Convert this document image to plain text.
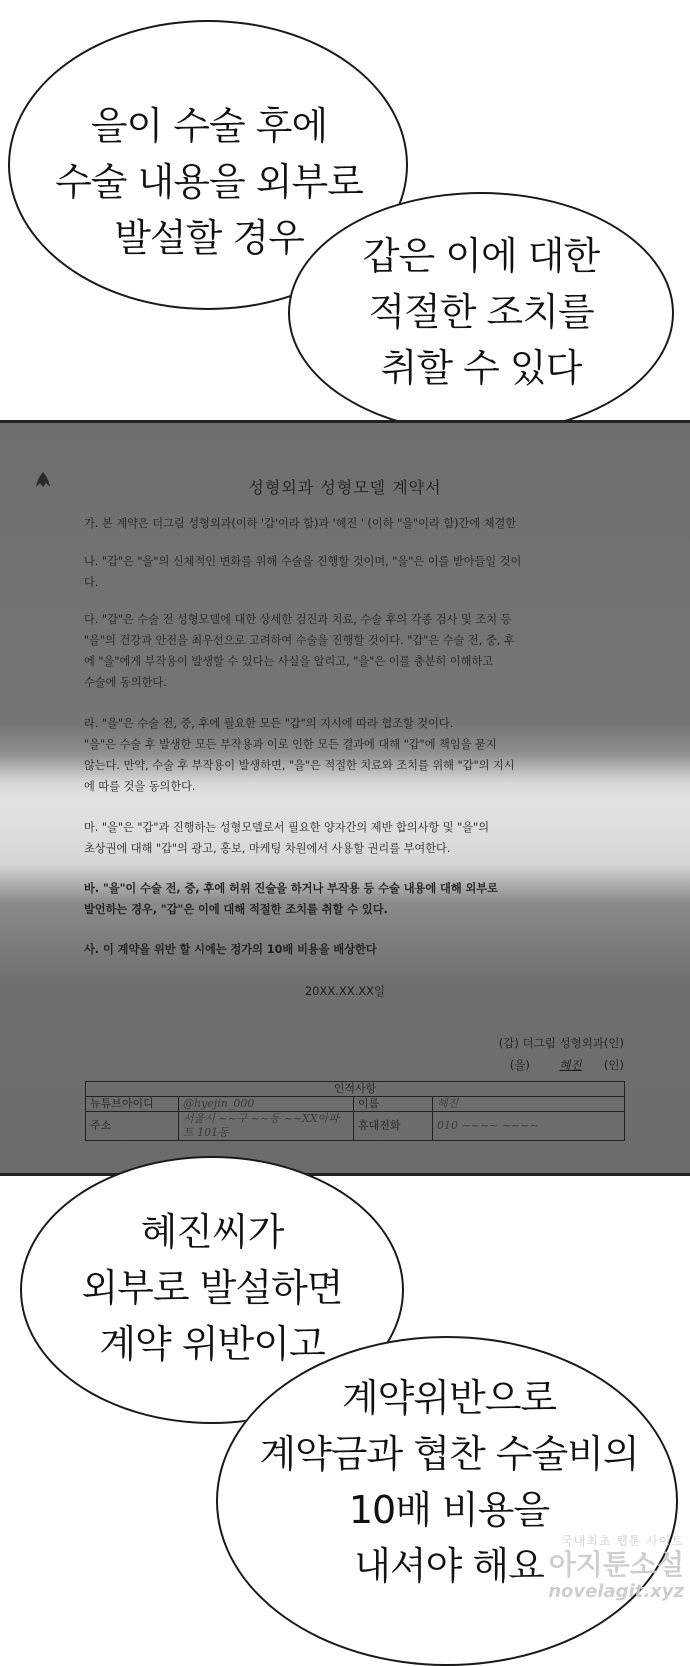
을이 수술 후에
수술 내용을 외부로
발설할 경우	갑은 이에 대한
적절한 조치를
취할 수 있다
성형외과 성형모델 계약서
가. 본 계약은 더그림 성형외과(이하 '갑'이라 함)과 '혜진 ' (이하 "을"이라 함)간에 체결한
나. "갑"은 "을"의 신체적인 변화를 위해 수술을 진행할 것이며, "을"은 이를 받아들일 것이
다.
다. "갑"은 수술 전 성형모델에 대한 상세한 검진과 치료, 수술 후의 각종 검사 및 조치 등
"을"의 건강과 안전을 최우선으로 고려하여 수술을 진행할 것이다. "갑"은 수술 전, 중, 후
에 "을"에게 부작용이 발생할 수 있다는 사실을 알리고, "을"은 이를 충분히 이해하고
수술에 동의한다.
라. "을"은 수술 전, 중, 후에 필요한 모든 "갑"의 지시에 따라 협조할 것이다.
"을"은 수술 후 발생한 모든 부작용과 이로 인한 모든 결과에 대해 "갑"에 책임을 묻지
않는다. 만약, 수술 후 부작용이 발생하면, "을"은 적절한 치료와 조치를 위해 "갑"의 지시
에 따를 것을 동의한다.
마. "을"은 "갑"과 진행하는 성형모델로서 필요한 양자간의 제반 합의사항 및 "을"의
초상권에 대해 "갑"의 광고, 홍보, 마케팅 차원에서 사용할 권리를 부여한다.
바. "을"이 수술 전, 중, 후에 허위 진술을 하거나 부작용 등 수술 내용에 대해 외부로
발언하는 경우, "갑"은 이에 대해 적절한 조치를 취할 수 있다.
사. 이 계약을 위반 할 시에는 정가의 10배 비용을 배상한다
20XX.XX.XX일
(갑) 더그림 성형외과(인)
(을)	혜진 (인)
인적사항			
뉴튜브아이디	@hyejin_000	이름	혜진
주소	서울시 ~~구 ~~동 ~~XX아파트 101동	휴대전화	010 ~~~~ ~~~~
혜진씨가
외부로 발설하면
계약 위반이고
계약위반으로
계약금과 협찬 수술비의
10배 비용을
내셔야 해요
국내최초 웹툰 사이트
아지툰소설
novelagit.xyz
